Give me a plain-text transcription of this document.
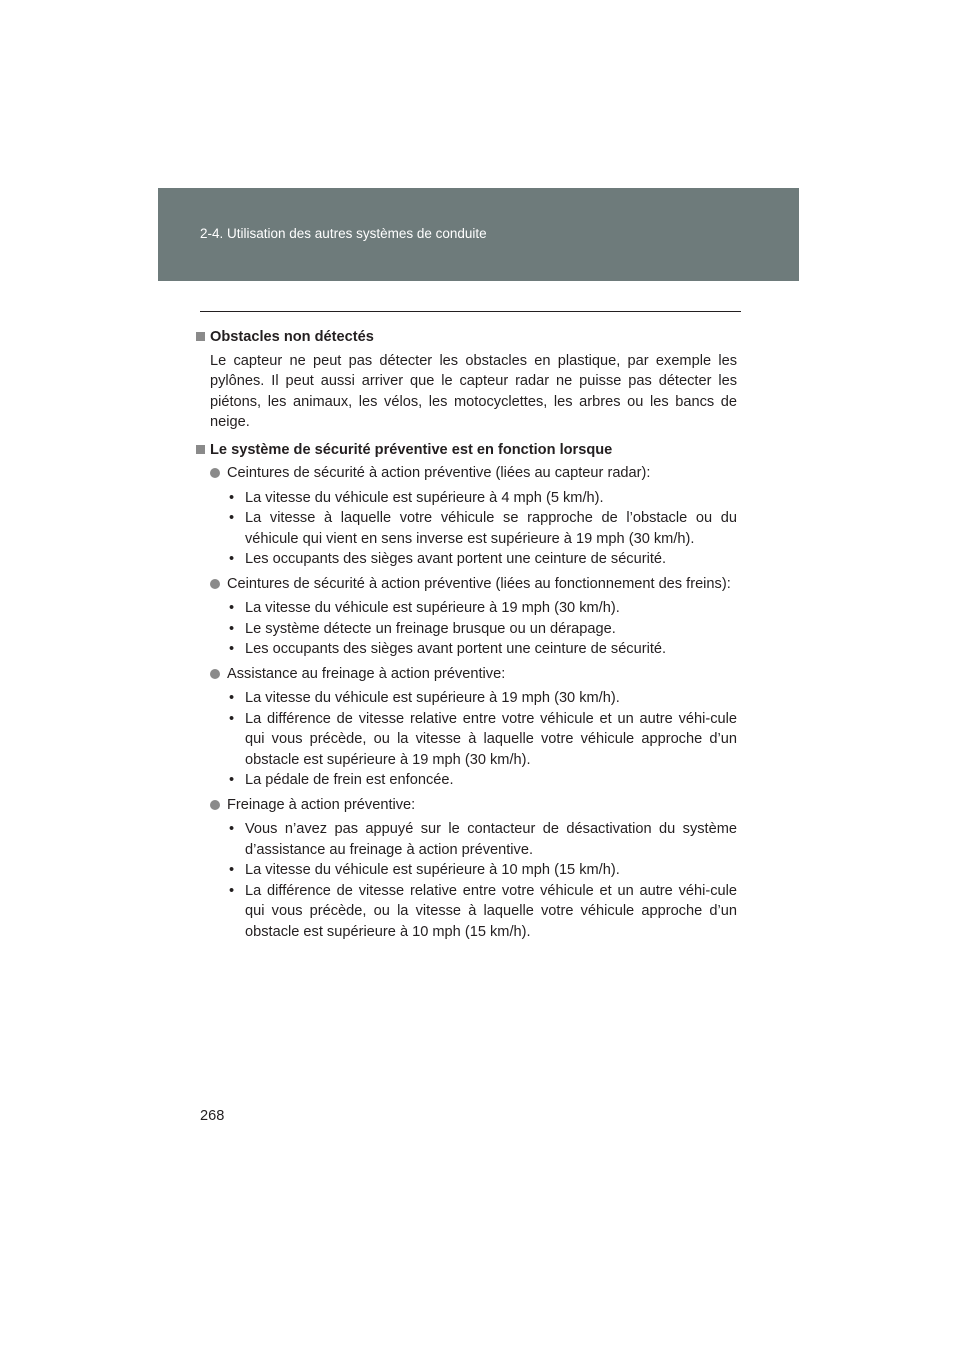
2-4. Utilisation des autres systèmes de conduite
Obstacles non détectés

Le capteur ne peut pas détecter les obstacles en plastique, par exemple les pylônes. Il peut aussi arriver que le capteur radar ne puisse pas détecter les piétons, les animaux, les vélos, les motocyclettes, les arbres ou les bancs de neige.

Le système de sécurité préventive est en fonction lorsque
Ceintures de sécurité à action préventive (liées au capteur radar):
• La vitesse du véhicule est supérieure à 4 mph (5 km/h).
• La vitesse à laquelle votre véhicule se rapproche de l’obstacle ou du véhicule qui vient en sens inverse est supérieure à 19 mph (30 km/h).
• Les occupants des sièges avant portent une ceinture de sécurité.
Ceintures de sécurité à action préventive (liées au fonctionnement des freins):
• La vitesse du véhicule est supérieure à 19 mph (30 km/h).
• Le système détecte un freinage brusque ou un dérapage.
• Les occupants des sièges avant portent une ceinture de sécurité.
Assistance au freinage à action préventive:
• La vitesse du véhicule est supérieure à 19 mph (30 km/h).
• La différence de vitesse relative entre votre véhicule et un autre véhi-cule qui vous précède, ou la vitesse à laquelle votre véhicule approche d’un obstacle est supérieure à 19 mph (30 km/h).
• La pédale de frein est enfoncée.
Freinage à action préventive:
• Vous n’avez pas appuyé sur le contacteur de désactivation du système d’assistance au freinage à action préventive.
• La vitesse du véhicule est supérieure à 10 mph (15 km/h).
• La différence de vitesse relative entre votre véhicule et un autre véhi-cule qui vous précède, ou la vitesse à laquelle votre véhicule approche d’un obstacle est supérieure à 10 mph (15 km/h).
268
